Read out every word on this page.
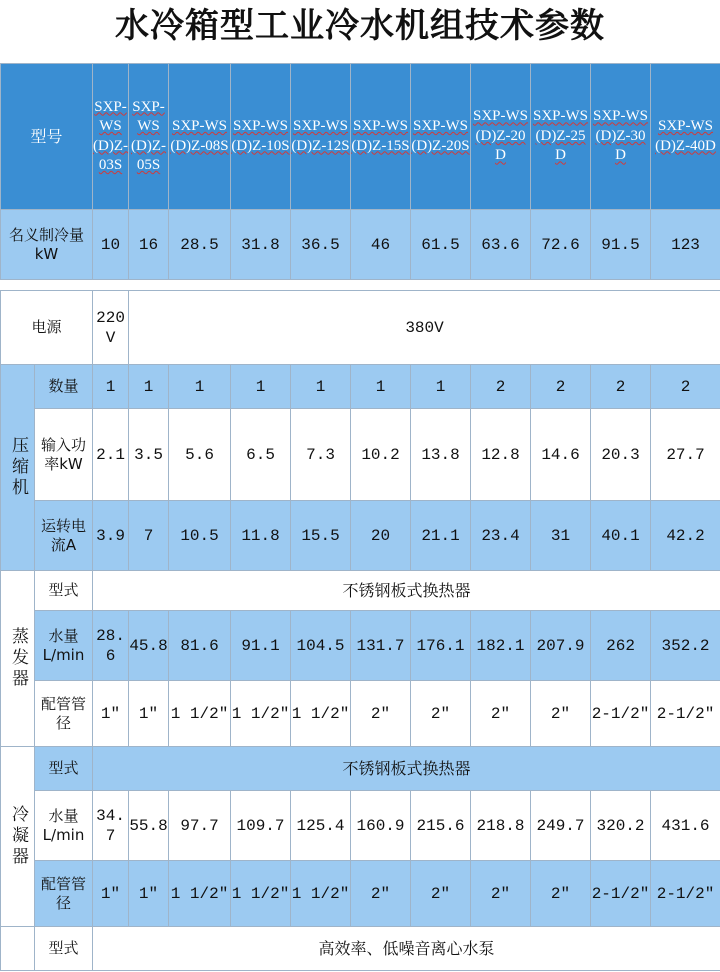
水冷箱型工业冷水机组技术参数
型号	SXP-WS(D)Z-03S	SXP-WS(D)Z-05S	SXP-WS(D)Z-08S	SXP-WS(D)Z-10S	SXP-WS(D)Z-12S	SXP-WS(D)Z-15S	SXP-WS(D)Z-20S	SXP-WS(D)Z-20D	SXP-WS(D)Z-25D	SXP-WS(D)Z-30D	SXP-WS(D)Z-40D
名义制冷量kW	10	16	28.5	31.8	36.5	46	61.5	63.6	72.6	91.5	123
电源		220V	380V									
压缩机	数量	1	1	1	1	1	1	1	2	2	2	2
	输入功率kW	2.1	3.5	5.6	6.5	7.3	10.2	13.8	12.8	14.6	20.3	27.7
	运转电流A	3.9	7	10.5	11.8	15.5	20	21.1	23.4	31	40.1	42.2
蒸发器	型式	不锈钢板式换热器										
	水量L/min	28.6	45.8	81.6	91.1	104.5	131.7	176.1	182.1	207.9	262	352.2
	配管管径	1″	1″	1 1/2″	1 1/2″	1 1/2″	2″	2″	2″	2″	2-1/2″	2-1/2″
冷凝器	型式	不锈钢板式换热器										
	水量L/min	34.7	55.8	97.7	109.7	125.4	160.9	215.6	218.8	249.7	320.2	431.6
	配管管径	1″	1″	1 1/2″	1 1/2″	1 1/2″	2″	2″	2″	2″	2-1/2″	2-1/2″
	型式	高效率、低噪音离心水泵										
